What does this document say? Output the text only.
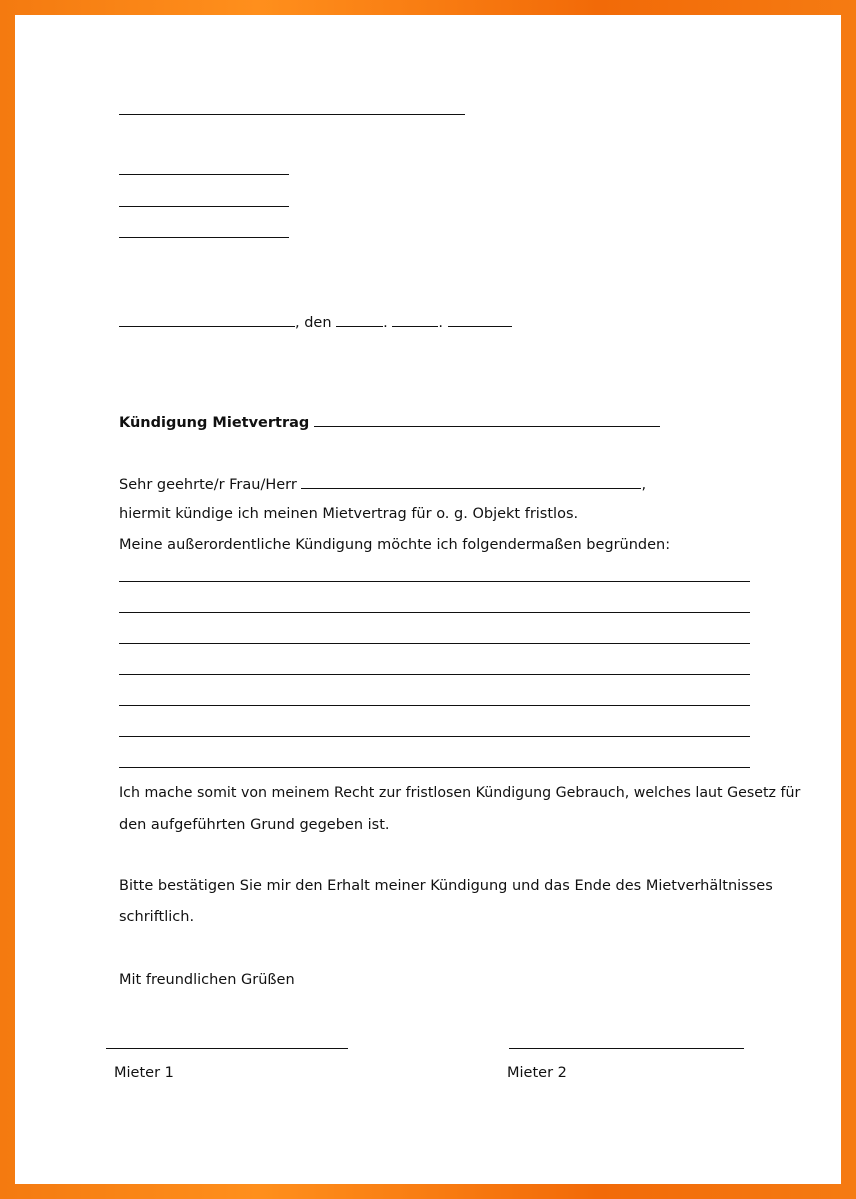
, den	.	.
Kündigung Mietvertrag
Sehr geehrte/r Frau/Herr	,
hiermit kündige ich meinen Mietvertrag für o. g. Objekt fristlos.
Meine außerordentliche Kündigung möchte ich folgendermaßen begründen:
Ich mache somit von meinem Recht zur fristlosen Kündigung Gebrauch, welches laut Gesetz für
den aufgeführten Grund gegeben ist.
Bitte bestätigen Sie mir den Erhalt meiner Kündigung und das Ende des Mietverhältnisses
schriftlich.
Mit freundlichen Grüßen
Mieter 1	Mieter 2
